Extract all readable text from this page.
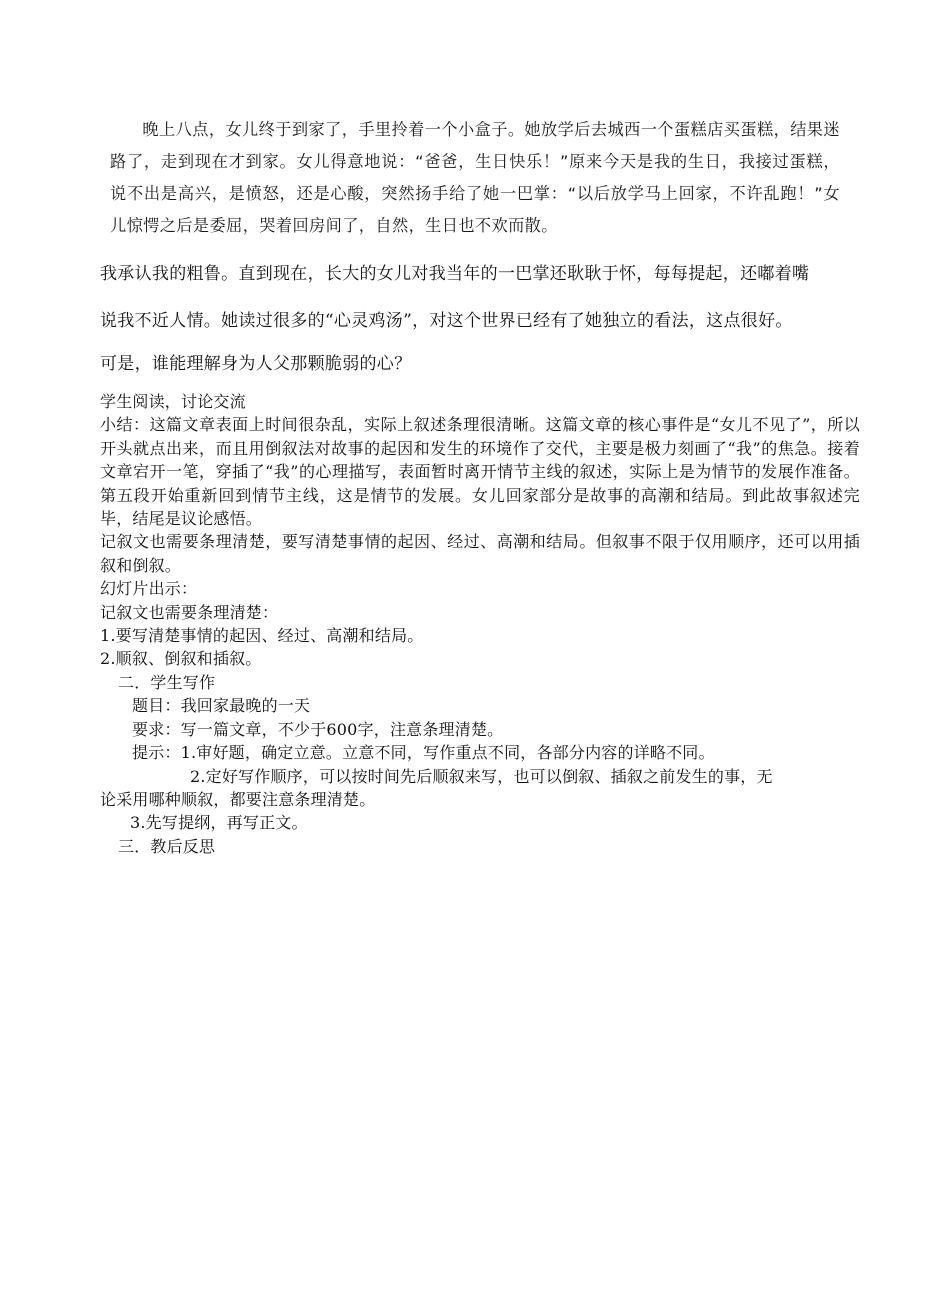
晚上八点，女儿终于到家了，手里拎着一个小盒子。她放学后去城西一个蛋糕店买蛋糕，结果迷路了，走到现在才到家。女儿得意地说：“爸爸，生日快乐！”原来今天是我的生日，我接过蛋糕，说不出是高兴，是愤怒，还是心酸，突然扬手给了她一巴掌：“以后放学马上回家，不许乱跑！”女儿惊愕之后是委屈，哭着回房间了，自然，生日也不欢而散。

我承认我的粗鲁。直到现在，长大的女儿对我当年的一巴掌还耿耿于怀，每每提起，还嘟着嘴

说我不近人情。她读过很多的“心灵鸡汤”，对这个世界已经有了她独立的看法，这点很好。

可是，谁能理解身为人父那颗脆弱的心？

学生阅读，讨论交流

小结：这篇文章表面上时间很杂乱，实际上叙述条理很清晰。这篇文章的核心事件是“女儿不见了”，所以开头就点出来，而且用倒叙法对故事的起因和发生的环境作了交代，主要是极力刻画了“我”的焦急。接着文章宕开一笔，穿插了“我”的心理描写，表面暂时离开情节主线的叙述，实际上是为情节的发展作准备。第五段开始重新回到情节主线，这是情节的发展。女儿回家部分是故事的高潮和结局。到此故事叙述完毕，结尾是议论感悟。

记叙文也需要条理清楚，要写清楚事情的起因、经过、高潮和结局。但叙事不限于仅用顺序，还可以用插叙和倒叙。

幻灯片出示：

记叙文也需要条理清楚：

1.要写清楚事情的起因、经过、高潮和结局。

2.顺叙、倒叙和插叙。

二．学生写作

题目：我回家最晚的一天

要求：写一篇文章，不少于600字，注意条理清楚。

提示：1.审好题，确定立意。立意不同，写作重点不同，各部分内容的详略不同。

2.定好写作顺序，可以按时间先后顺叙来写，也可以倒叙、插叙之前发生的事，无

论采用哪种顺叙，都要注意条理清楚。

3.先写提纲，再写正文。

三．教后反思
